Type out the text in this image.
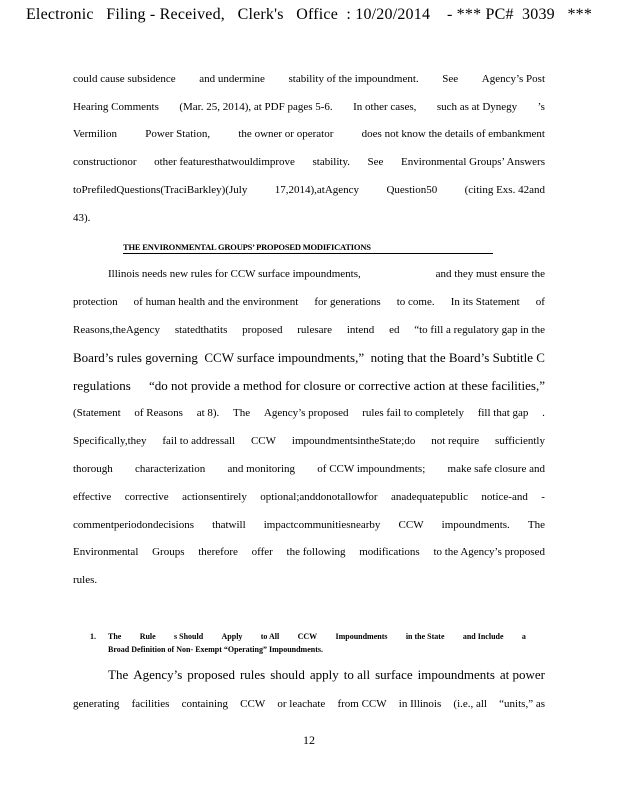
Electronic   Filing - Received,   Clerk's   Office  : 10/20/2014    - *** PC#  3039   ***
could cause subsidence and undermine stability of the impoundment. See Agency’s Post
Hearing Comments (Mar. 25, 2014), at PDF pages 5-6. In other cases, such as at Dynegy ’s
Vermilion	Power Station,	the owner or operator	does not know the details of embankment
constructionor other featuresthatwouldimprove stability. See Environmental Groups’ Answers
toPrefiledQuestions(TraciBarkley)(July 17,2014),atAgency Question50 (citing Exs. 42and
43).
THE ENVIRONMENTAL GROUPS’ PROPOSED MODIFICATIONS
Illinois needs new rules for CCW surface impoundments,	and they must ensure the
protection of human health and the environment for generations to come. In its Statement of
Reasons,theAgency statedthatits proposed rulesare intend ed “to fill a regulatory gap in the
Board’s rules governing CCW surface impoundments,” noting that the Board’s Subtitle C
regulations “do not provide a method for closure or corrective action at these facilities,”
(Statement of Reasons at 8). The Agency’s proposed rules fail to completely fill that gap .
Specifically,they fail to addressall CCW impoundmentsintheState;do not require sufficiently
thorough characterization and monitoring of CCW impoundments; make safe closure and
effective corrective actionsentirely optional;anddonotallowfor anadequatepublic notice-and -
commentperiodondecisions thatwill impactcommunitiesnearby CCW impoundments. The
Environmental Groups therefore offer the following modifications to the Agency’s proposed
rules.
1. The Rule s Should Apply to All CCW Impoundments in the State and Include a
Broad Definition of Non- Exempt “Operating” Impoundments.
The Agency’s proposed rules should apply to all surface impoundments at power
generating facilities containing CCW or leachate from CCW in Illinois (i.e., all “units,” as
12
